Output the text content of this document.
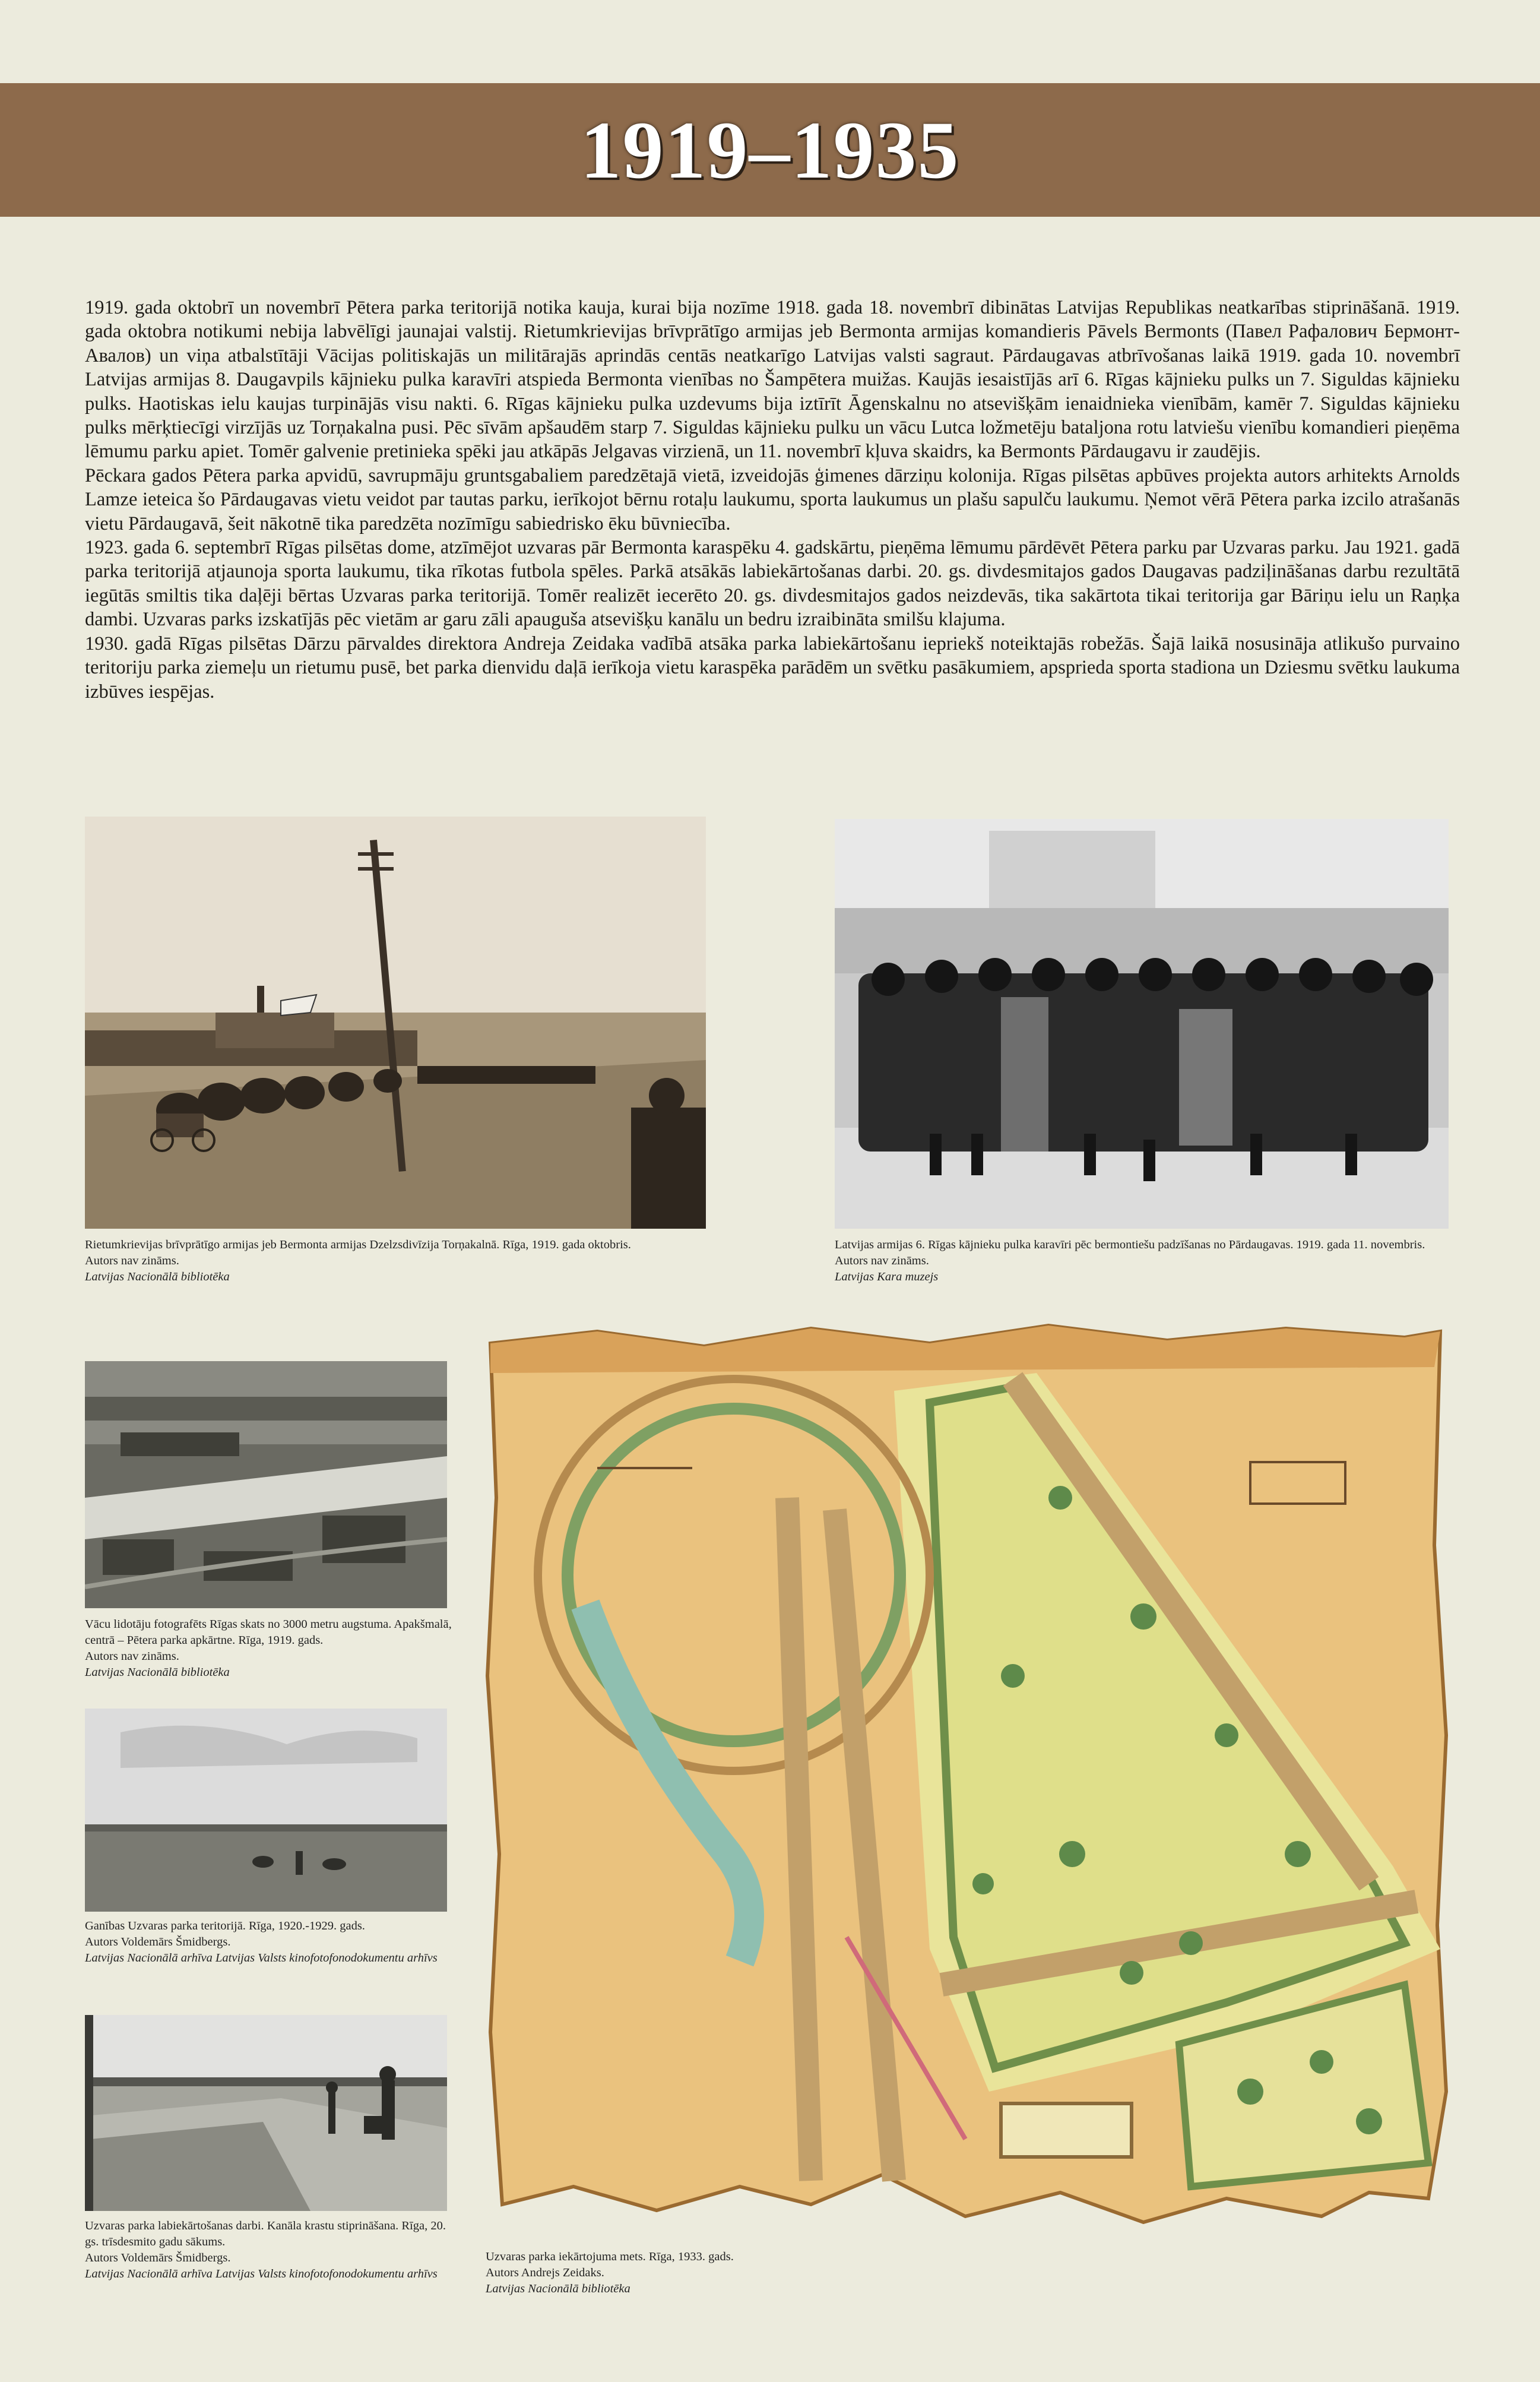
1919–1935

1919. gada oktobrī un novembrī Pētera parka teritorijā notika kauja, kurai bija nozīme 1918. gada 18. novembrī dibinātas Latvijas Republikas neatkarības stiprināšanā. 1919. gada oktobra notikumi nebija labvēlīgi jaunajai valstij. Rietumkrievijas brīvprātīgo armijas jeb Bermonta armijas komandieris Pāvels Bermonts (Павел Рафалович Бермонт-Авалов) un viņa atbalstītāji Vācijas politiskajās un militārajās aprindās centās neatkarīgo Latvijas valsti sagraut. Pārdaugavas atbrīvošanas laikā 1919. gada 10. novembrī Latvijas armijas 8. Daugavpils kājnieku pulka karavīri atspieda Bermonta vienības no Šampētera muižas. Kaujās iesaistījās arī 6. Rīgas kājnieku pulks un 7. Siguldas kājnieku pulks. Haotiskas ielu kaujas turpinājās visu nakti. 6. Rīgas kājnieku pulka uzdevums bija iztīrīt Āgenskalnu no atsevišķām ienaidnieka vienībām, kamēr 7. Siguldas kājnieku pulks mērķtiecīgi virzījās uz Torņakalna pusi. Pēc sīvām apšaudēm starp 7. Siguldas kājnieku pulku un vācu Lutca ložmetēju bataljona rotu latviešu vienību komandieri pieņēma lēmumu parku apiet. Tomēr galvenie pretinieka spēki jau atkāpās Jelgavas virzienā, un 11. novembrī kļuva skaidrs, ka Bermonts Pārdaugavu ir zaudējis.

Pēckara gados Pētera parka apvidū, savrupmāju gruntsgabaliem paredzētajā vietā, izveidojās ģimenes dārziņu kolonija. Rīgas pilsētas apbūves projekta autors arhitekts Arnolds Lamze ieteica šo Pārdaugavas vietu veidot par tautas parku, ierīkojot bērnu rotaļu laukumu, sporta laukumus un plašu sapulču laukumu. Ņemot vērā Pētera parka izcilo atrašanās vietu Pārdaugavā, šeit nākotnē tika paredzēta nozīmīgu sabiedrisko ēku būvniecība.

1923. gada 6. septembrī Rīgas pilsētas dome, atzīmējot uzvaras pār Bermonta karaspēku 4. gadskārtu, pieņēma lēmumu pārdēvēt Pētera parku par Uzvaras parku. Jau 1921. gadā parka teritorijā atjaunoja sporta laukumu, tika rīkotas futbola spēles. Parkā atsākās labiekārtošanas darbi. 20. gs. divdesmitajos gados Daugavas padziļināšanas darbu rezultātā iegūtās smiltis tika daļēji bērtas Uzvaras parka teritorijā. Tomēr realizēt iecerēto 20. gs. divdesmitajos gados neizdevās, tika sakārtota tikai teritorija gar Bāriņu ielu un Raņķa dambi. Uzvaras parks izskatījās pēc vietām ar garu zāli apaugušа atsevišķu kanālu un bedru izraibināta smilšu klajuma.

1930. gadā Rīgas pilsētas Dārzu pārvaldes direktora Andreja Zeidaka vadībā atsāka parka labiekārtošanu iepriekš noteiktajās robežās. Šajā laikā nosusināja atlikušo purvaino teritoriju parka ziemeļu un rietumu pusē, bet parka dienvidu daļā ierīkoja vietu karaspēka parādēm un svētku pasākumiem, apsprieda sporta stadiona un Dziesmu svētku laukuma izbūves iespējas.

Rietumkrievijas brīvprātīgo armijas jeb Bermonta armijas Dzelzsdivīzija Torņakalnā. Rīga, 1919. gada oktobris.
Autors nav zināms.
Latvijas Nacionālā bibliotēka
Latvijas armijas 6. Rīgas kājnieku pulka karavīri pēc bermontiešu padzīšanas no Pārdaugavas. 1919. gada 11. novembris.
Autors nav zināms.
Latvijas Kara muzejs
Vācu lidotāju fotografēts Rīgas skats no 3000 metru augstuma. Apakšmalā, centrā – Pētera parka apkārtne. Rīga, 1919. gads.
Autors nav zināms.
Latvijas Nacionālā bibliotēka
Ganības Uzvaras parka teritorijā. Rīga, 1920.-1929. gads.
Autors Voldemārs Šmidbergs.
Latvijas Nacionālā arhīva Latvijas Valsts kinofotofonodokumentu arhīvs
Uzvaras parka labiekārtošanas darbi. Kanāla krastu stiprināšana. Rīga, 20. gs. trīsdesmito gadu sākums.
Autors Voldemārs Šmidbergs.
Latvijas Nacionālā arhīva Latvijas Valsts kinofotofonodokumentu arhīvs
Uzvaras parka iekārtojuma mets. Rīga, 1933. gads.
Autors Andrejs Zeidaks.
Latvijas Nacionālā bibliotēka
